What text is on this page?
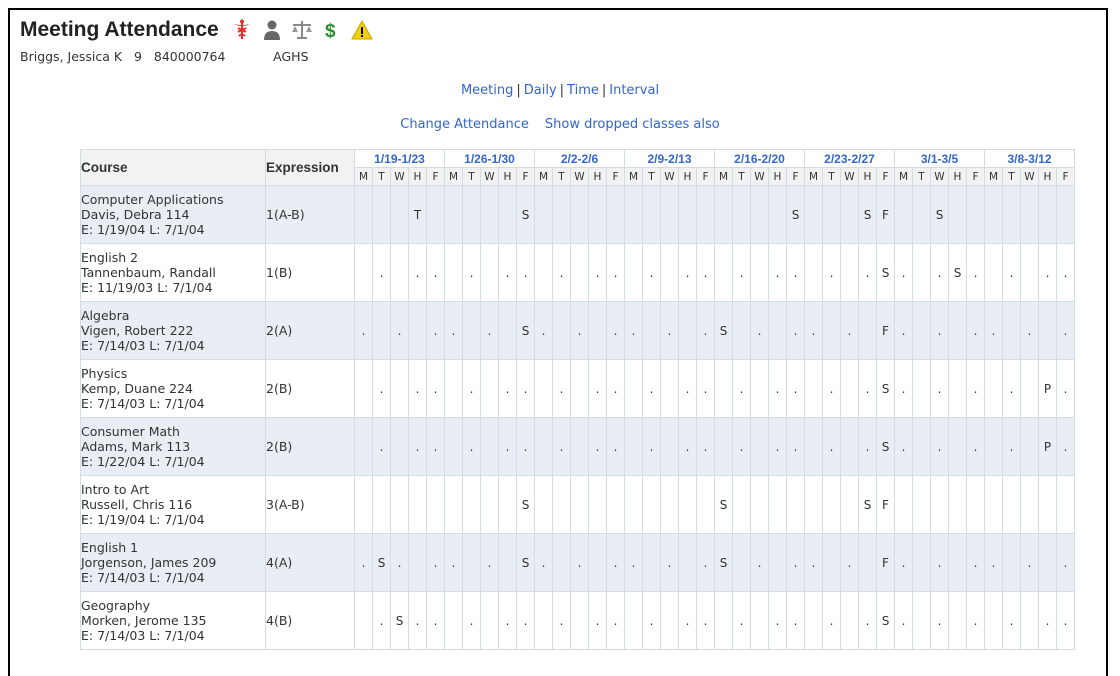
Meeting Attendance	$
Briggs, Jessica K 9 840000764	AGHS
Meeting | Daily | Time | Interval
Change Attendance Show dropped classes also
Course	Expression	1/19-1/23					1/26-1/30					2/2-2/6					2/9-2/13					2/16-2/20					2/23-2/27					3/1-3/5					3/8-3/12				
		M	T	W	H	F	M	T	W	H	F	M	T	W	H	F	M	T	W	H	F	M	T	W	H	F	M	T	W	H	F	M	T	W	H	F	M	T	W	H	F

Computer Applications
Davis, Debra 114
E: 1/19/04 L: 7/1/04	1(A-B)				T						S															S				S	F			S							

English 2
Tannenbaum, Randall
E: 11/19/03 L: 7/1/04	1(B)		.		.	.		.		.	.		.		.	.		.		.	.		.		.	.		.		.	S	.		.	S	.		.		.	.

Algebra
Vigen, Robert 222
E: 7/14/03 L: 7/1/04	2(A)	.		.		.	.		.		S	.		.		.	.		.		.	S		.		.	.		.		F	.		.		.	.		.		.

Physics
Kemp, Duane 224
E: 7/14/03 L: 7/1/04	2(B)		.		.	.		.		.	.		.		.	.		.		.	.		.		.	.		.		.	S	.		.		.		.		P	.

Consumer Math
Adams, Mark 113
E: 1/22/04 L: 7/1/04	2(B)		.		.	.		.		.	.		.		.	.		.		.	.		.		.	.		.		.	S	.		.		.		.		P	.

Intro to Art
Russell, Chris 116
E: 1/19/04 L: 7/1/04	3(A-B)										S											S								S	F										

English 1
Jorgenson, James 209
E: 7/14/03 L: 7/1/04	4(A)	.	S	.		.	.		.		S	.		.		.	.		.		.	S		.		.	.		.		F	.		.		.	.		.		.

Geography
Morken, Jerome 135
E: 7/14/03 L: 7/1/04	4(B)		.	S	.	.		.		.	.		.		.	.		.		.	.		.		.	.		.		.	S	.		.		.		.		.	.
